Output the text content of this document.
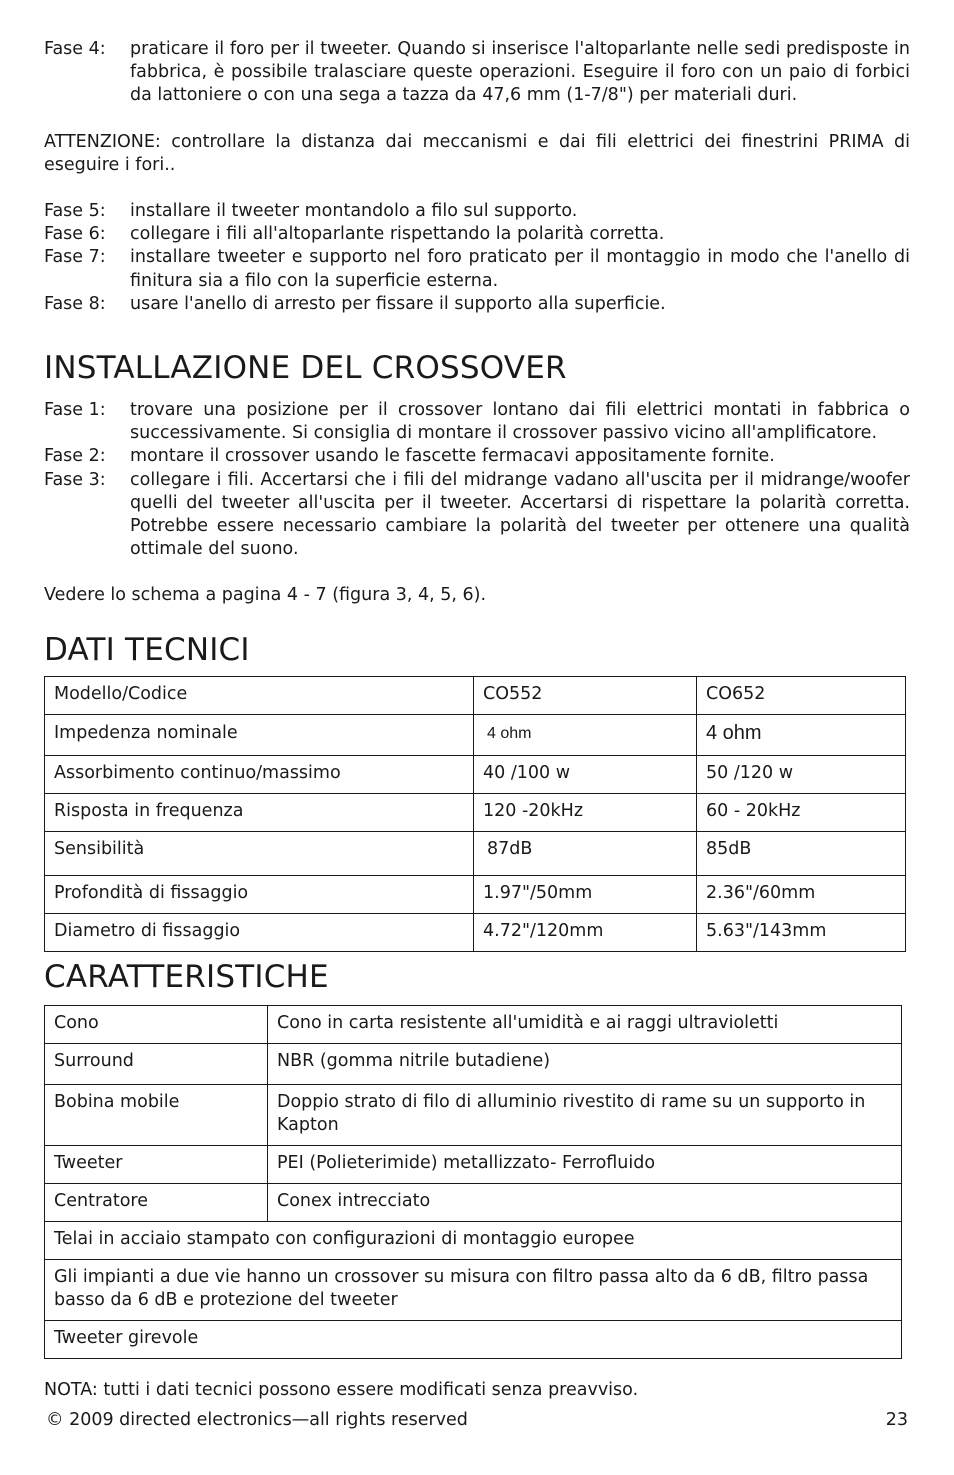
Fase 4:	praticare il foro per il tweeter. Quando si inserisce l'altoparlante nelle sedi predisposte in fabbrica, è possibile tralasciare queste operazioni. Eseguire il foro con un paio di forbici da lattoniere o con una sega a tazza da 47,6 mm (1-7/8") per materiali duri.
ATTENZIONE: controllare la distanza dai meccanismi e dai fili elettrici dei finestrini PRIMA di eseguire i fori..
Fase 5:	installare il tweeter montandolo a filo sul supporto.
Fase 6:	collegare i fili all'altoparlante rispettando la polarità corretta.
Fase 7:	installare tweeter e supporto nel foro praticato per il montaggio in modo che l'anello di finitura sia a filo con la superficie esterna.
Fase 8:	usare l'anello di arresto per fissare il supporto alla superficie.
INSTALLAZIONE DEL CROSSOVER
Fase 1:	trovare una posizione per il crossover lontano dai fili elettrici montati in fabbrica o successivamente. Si consiglia di montare il crossover passivo vicino all'amplificatore.
Fase 2:	montare il crossover usando le fascette fermacavi appositamente fornite.
Fase 3:	collegare i fili. Accertarsi che i fili del midrange vadano all'uscita per il midrange/woofer quelli del tweeter all'uscita per il tweeter. Accertarsi di rispettare la polarità corretta. Potrebbe essere necessario cambiare la polarità del tweeter per ottenere una qualità ottimale del suono.
Vedere lo schema a pagina 4 - 7 (figura 3, 4, 5, 6).
DATI TECNICI
Modello/Codice	CO552	CO652
Impedenza nominale	4 ohm	4 ohm
Assorbimento continuo/massimo	40 /100 w	50 /120 w
Risposta in frequenza	120 -20kHz	60 - 20kHz
Sensibilità	87dB	85dB
Profondità di fissaggio	1.97"/50mm	2.36"/60mm
Diametro di fissaggio	4.72"/120mm	5.63"/143mm
CARATTERISTICHE
Cono	Cono in carta resistente all'umidità e ai raggi ultravioletti
Surround	NBR (gomma nitrile butadiene)
Bobina mobile	Doppio strato di filo di alluminio rivestito di rame su un supporto in Kapton
Tweeter	PEI (Polieterimide) metallizzato- Ferrofluido
Centratore	Conex intrecciato
Telai in acciaio stampato con configurazioni di montaggio europee	
Gli impianti a due vie hanno un crossover su misura con filtro passa alto da 6 dB, filtro passa basso da 6 dB e protezione del tweeter	
Tweeter girevole	
NOTA: tutti i dati tecnici possono essere modificati senza preavviso.
© 2009 directed electronics—all rights reserved	23
